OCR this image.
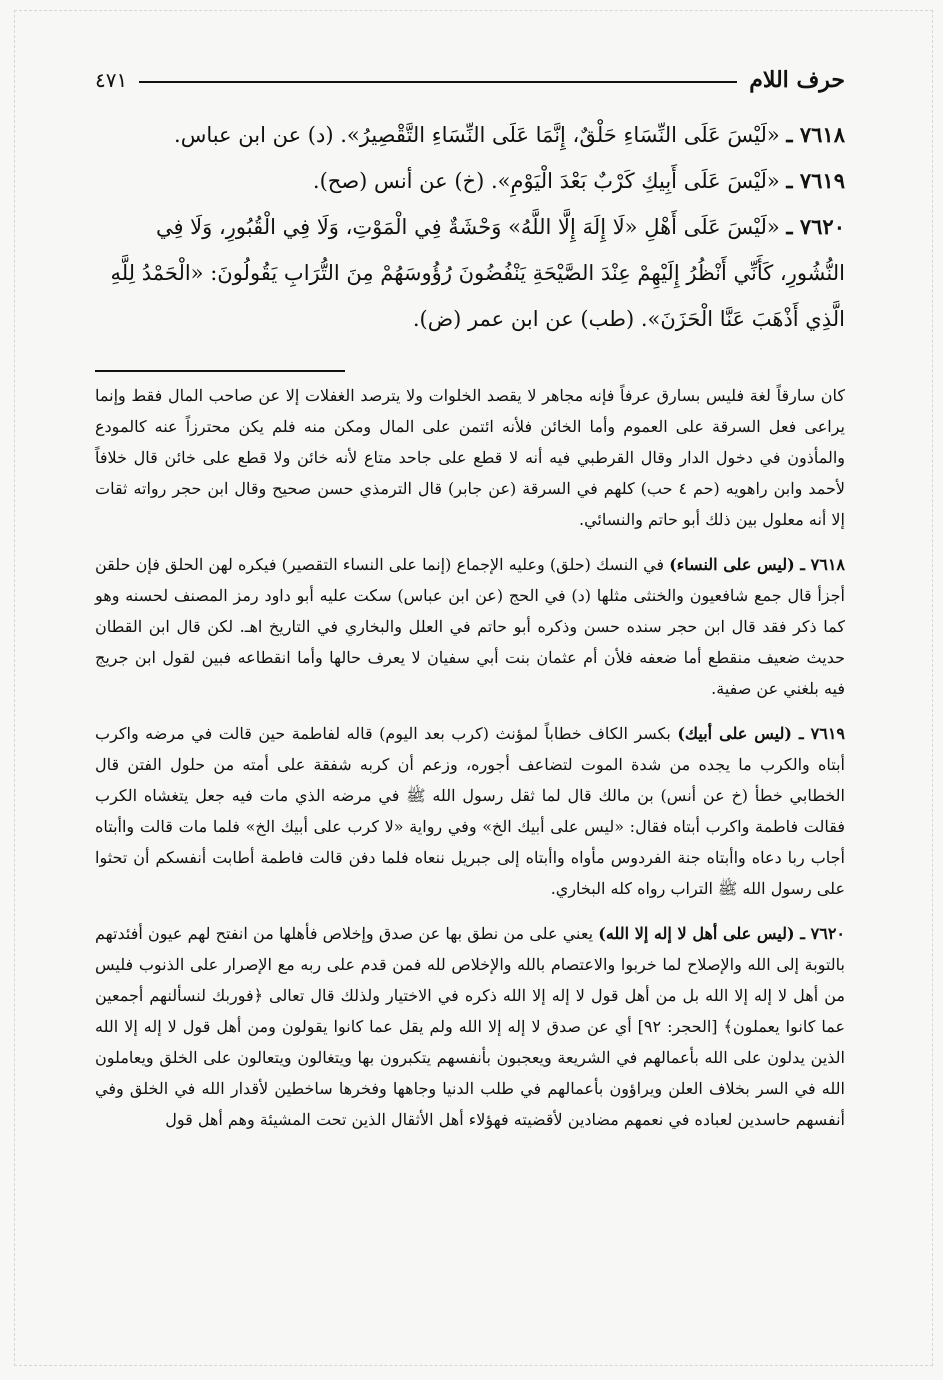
حرف اللام
٤٧١

٧٦١٨ ـ «لَيْسَ عَلَى النِّسَاءِ حَلْقٌ، إِنَّمَا عَلَى النِّسَاءِ التَّقْصِيرُ». (د) عن ابن عباس.

٧٦١٩ ـ «لَيْسَ عَلَى أَبِيكِ كَرْبٌ بَعْدَ الْيَوْمِ». (خ) عن أنس (صح).

٧٦٢٠ ـ «لَيْسَ عَلَى أَهْلِ «لَا إِلَهَ إِلَّا اللَّهُ» وَحْشَةٌ فِي الْمَوْتِ، وَلَا فِي الْقُبُورِ، وَلَا فِي النُّشُورِ، كَأَنِّي أَنْظُرُ إِلَيْهِمْ عِنْدَ الصَّيْحَةِ يَنْفُضُونَ رُؤُوسَهُمْ مِنَ التُّرَابِ يَقُولُونَ: «الْحَمْدُ لِلَّهِ الَّذِي أَذْهَبَ عَنَّا الْحَزَنَ». (طب) عن ابن عمر (ض).

كان سارقاً لغة فليس بسارق عرفاً فإنه مجاهر لا يقصد الخلوات ولا يترصد الغفلات إلا عن صاحب المال فقط وإنما يراعى فعل السرقة على العموم وأما الخائن فلأنه ائتمن على المال ومكن منه فلم يكن محترزاً عنه كالمودع والمأذون في دخول الدار وقال القرطبي فيه أنه لا قطع على جاحد متاع لأنه خائن ولا قطع على خائن قال خلافاً لأحمد وابن راهويه (حم ٤ حب) كلهم في السرقة (عن جابر) قال الترمذي حسن صحيح وقال ابن حجر رواته ثقات إلا أنه معلول بين ذلك أبو حاتم والنسائي.

٧٦١٨ ـ (ليس على النساء) في النسك (حلق) وعليه الإجماع (إنما على النساء التقصير) فيكره لهن الحلق فإن حلقن أجزأ قال جمع شافعيون والخنثى مثلها (د) في الحج (عن ابن عباس) سكت عليه أبو داود رمز المصنف لحسنه وهو كما ذكر فقد قال ابن حجر سنده حسن وذكره أبو حاتم في العلل والبخاري في التاريخ اهـ. لكن قال ابن القطان حديث ضعيف منقطع أما ضعفه فلأن أم عثمان بنت أبي سفيان لا يعرف حالها وأما انقطاعه فبين لقول ابن جريج فيه بلغني عن صفية.

٧٦١٩ ـ (ليس على أبيك) بكسر الكاف خطاباً لمؤنث (كرب بعد اليوم) قاله لفاطمة حين قالت في مرضه واكرب أبتاه والكرب ما يجده من شدة الموت لتضاعف أجوره، وزعم أن كربه شفقة على أمته من حلول الفتن قال الخطابي خطأ (خ عن أنس) بن مالك قال لما ثقل رسول الله ﷺ في مرضه الذي مات فيه جعل يتغشاه الكرب فقالت فاطمة واكرب أبتاه فقال: «ليس على أبيك الخ» وفي رواية «لا كرب على أبيك الخ» فلما مات قالت واأبتاه أجاب ربا دعاه واأبتاه جنة الفردوس مأواه واأبتاه إلى جبريل ننعاه فلما دفن قالت فاطمة أطابت أنفسكم أن تحثوا على رسول الله ﷺ التراب رواه كله البخاري.

٧٦٢٠ ـ (ليس على أهل لا إله إلا الله) يعني على من نطق بها عن صدق وإخلاص فأهلها من انفتح لهم عيون أفئدتهم بالتوبة إلى الله والإصلاح لما خربوا والاعتصام بالله والإخلاص لله فمن قدم على ربه مع الإصرار على الذنوب فليس من أهل لا إله إلا الله بل من أهل قول لا إله إلا الله ذكره في الاختيار ولذلك قال تعالى ﴿فوربك لنسألنهم أجمعين عما كانوا يعملون﴾ [الحجر: ٩٢] أي عن صدق لا إله إلا الله ولم يقل عما كانوا يقولون ومن أهل قول لا إله إلا الله الذين يدلون على الله بأعمالهم في الشريعة ويعجبون بأنفسهم يتكبرون بها ويتغالون ويتعالون على الخلق ويعاملون الله في السر بخلاف العلن ويراؤون بأعمالهم في طلب الدنيا وجاهها وفخرها ساخطين لأقدار الله في الخلق وفي أنفسهم حاسدين لعباده في نعمهم مضادين لأقضيته فهؤلاء أهل الأثقال الذين تحت المشيئة وهم أهل قول
